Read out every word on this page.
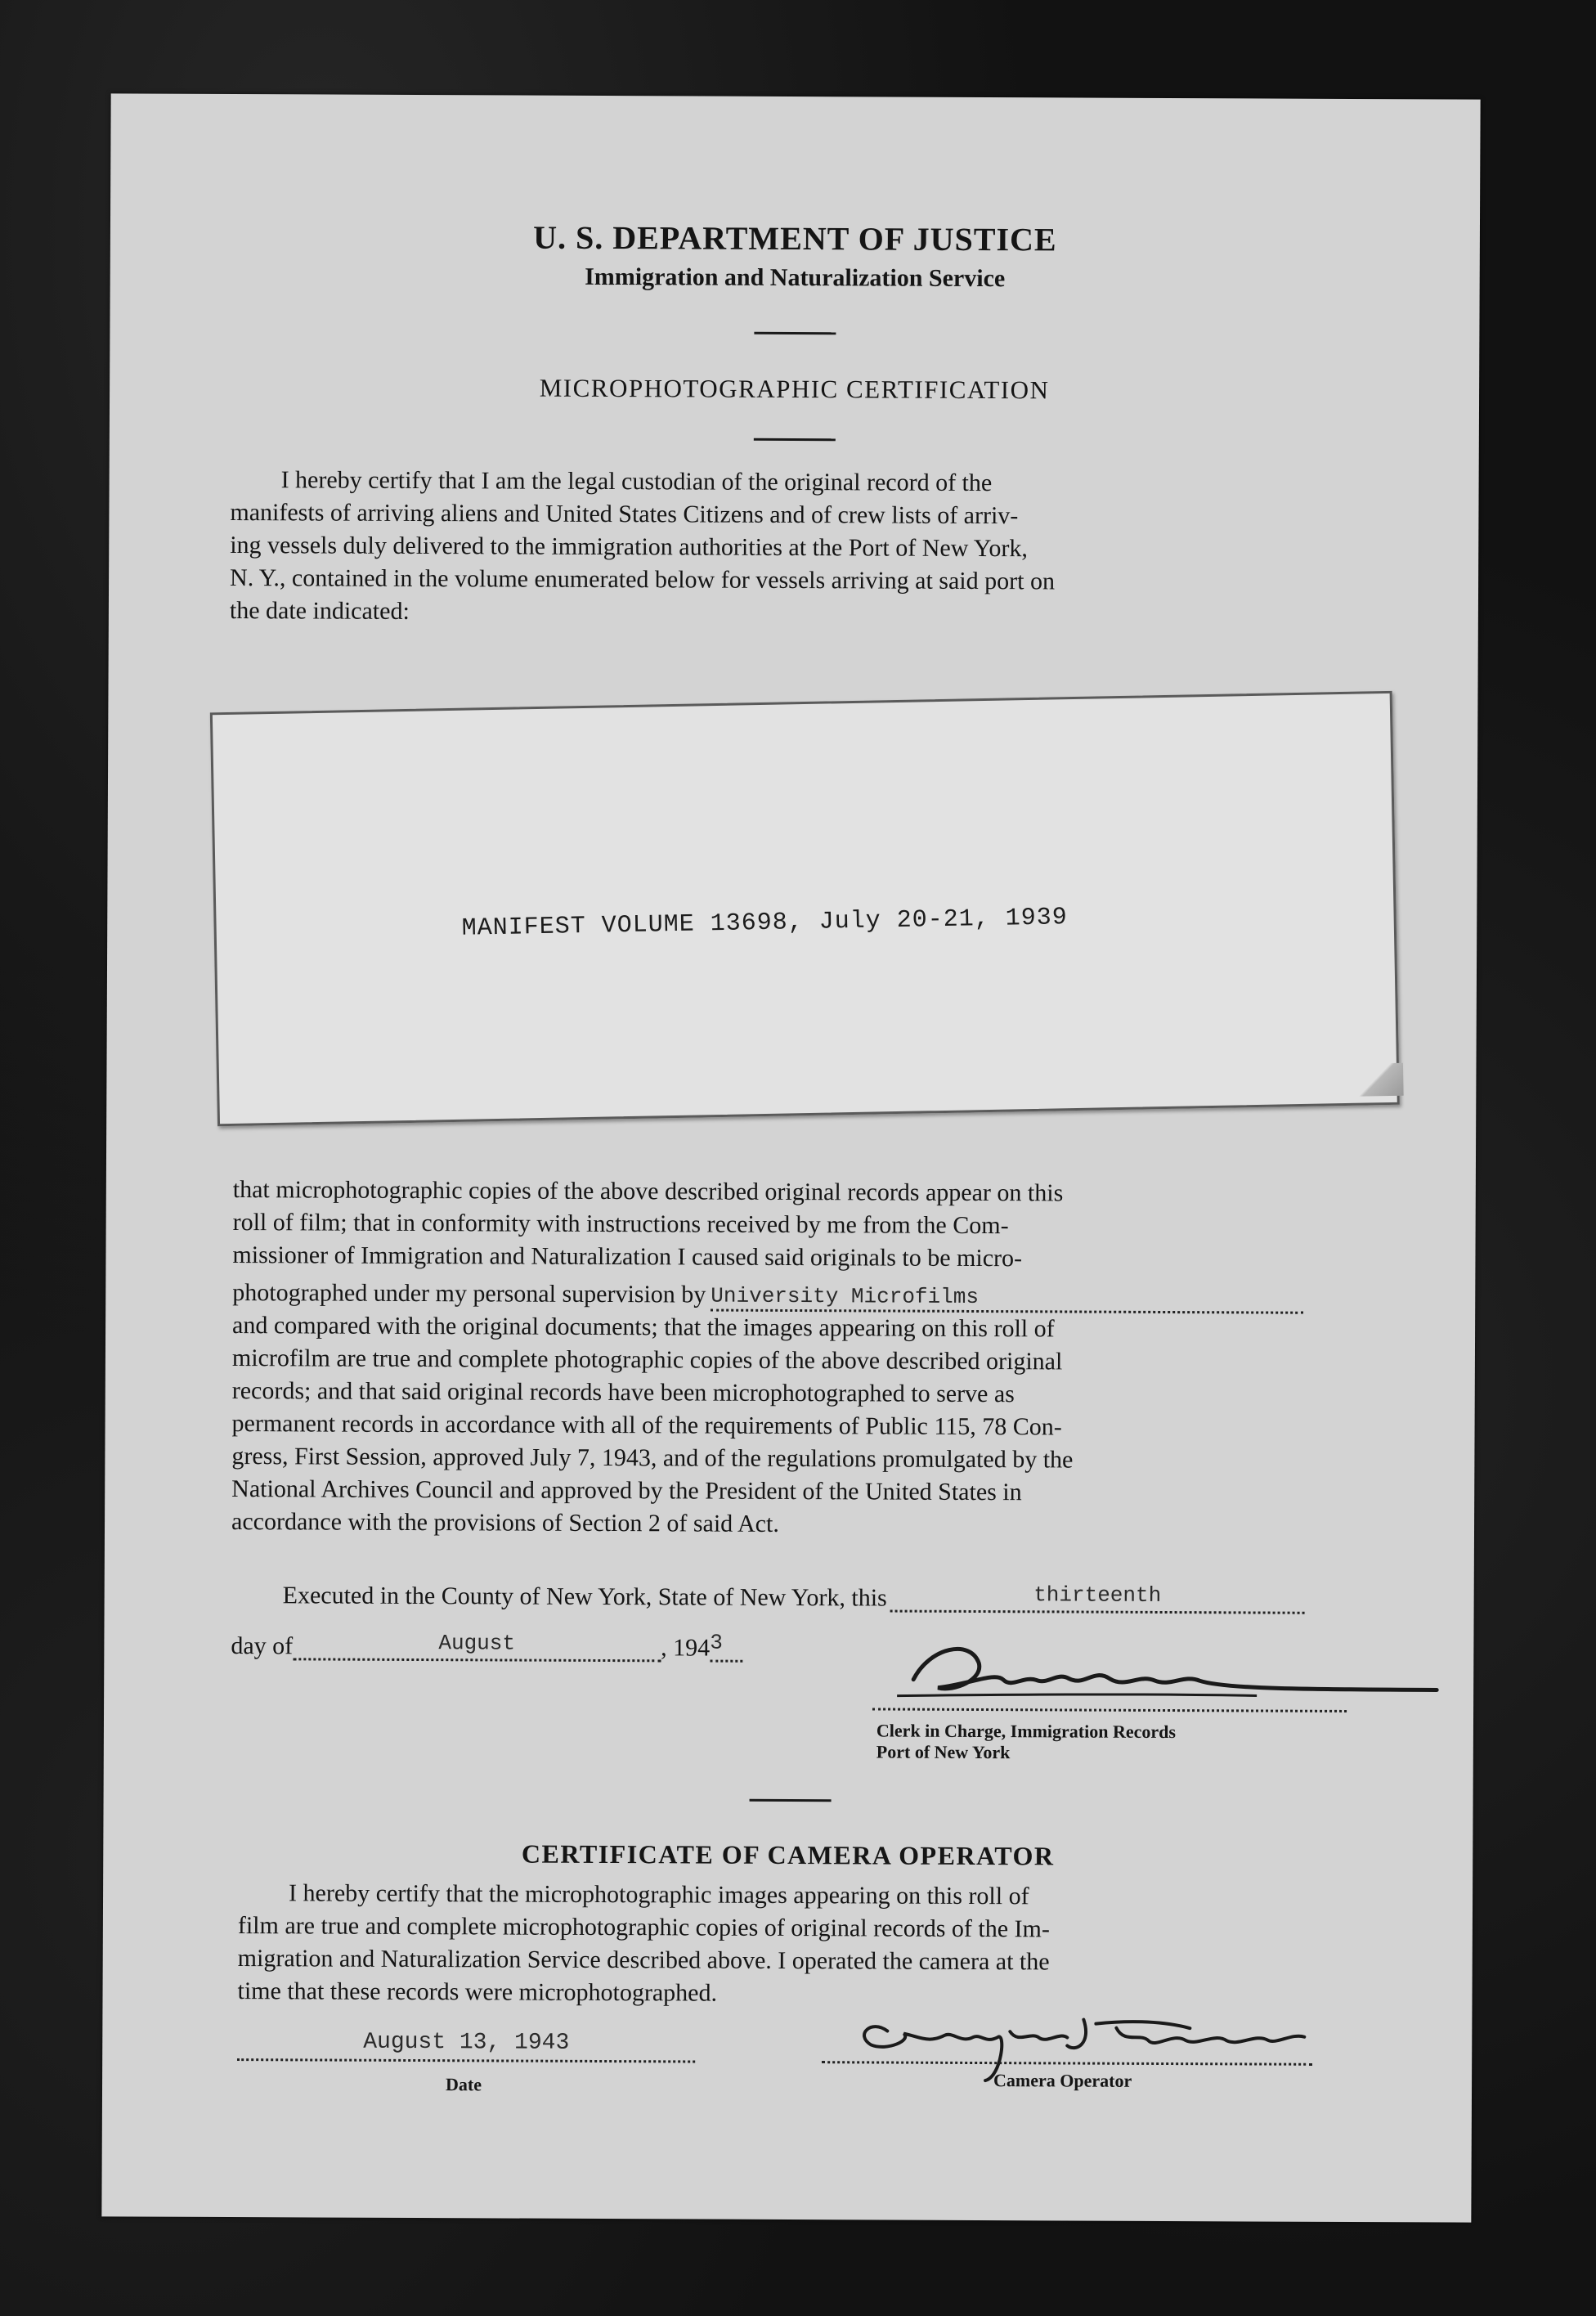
U. S. DEPARTMENT OF JUSTICE
Immigration and Naturalization Service
MICROPHOTOGRAPHIC CERTIFICATION
I hereby certify that I am the legal custodian of the original record of the
manifests of arriving aliens and United States Citizens and of crew lists of arriv-
ing vessels duly delivered to the immigration authorities at the Port of New York,
N. Y., contained in the volume enumerated below for vessels arriving at said port on
the date indicated:
MANIFEST VOLUME 13698, July 20-21, 1939
that microphotographic copies of the above described original records appear on this
roll of film; that in conformity with instructions received by me from the Com-
missioner of Immigration and Naturalization I caused said originals to be micro-
photographed under my personal supervision by University Microfilms
and compared with the original documents; that the images appearing on this roll of
microfilm are true and complete photographic copies of the above described original
records; and that said original records have been microphotographed to serve as
permanent records in accordance with all of the requirements of Public 115, 78 Con-
gress, First Session, approved July 7, 1943, and of the regulations promulgated by the
National Archives Council and approved by the President of the United States in
accordance with the provisions of Section 2 of said Act.
Executed in the County of New York, State of New York, this	thirteenth
day of	August	, 194 3
Clerk in Charge, Immigration Records
Port of New York
CERTIFICATE OF CAMERA OPERATOR
I hereby certify that the microphotographic images appearing on this roll of
film are true and complete microphotographic copies of original records of the Im-
migration and Naturalization Service described above. I operated the camera at the
time that these records were microphotographed.
August 13, 1943
Date	Camera Operator
